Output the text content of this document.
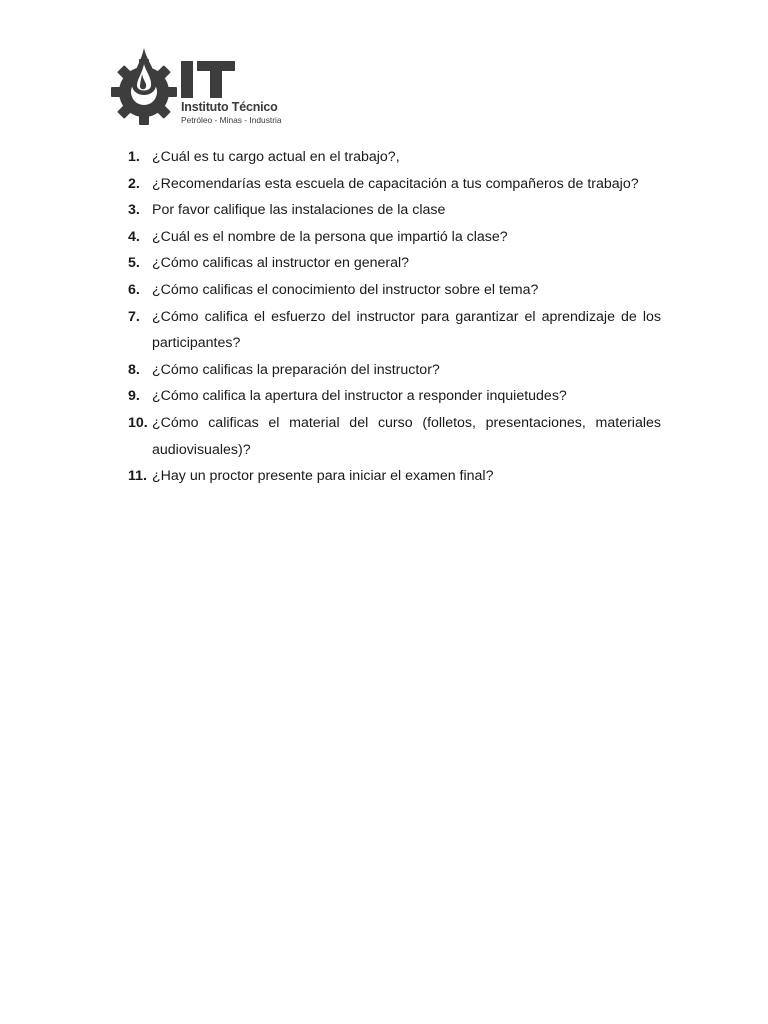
Instituto Técnico
Petróleo - Minas - Industria
1. ¿Cuál es tu cargo actual en el trabajo?,
2. ¿Recomendarías esta escuela de capacitación a tus compañeros de trabajo?
3. Por favor califique las instalaciones de la clase
4. ¿Cuál es el nombre de la persona que impartió la clase?
5. ¿Cómo calificas al instructor en general?
6. ¿Cómo calificas el conocimiento del instructor sobre el tema?
7. ¿Cómo califica el esfuerzo del instructor para garantizar el aprendizaje de los participantes?
8. ¿Cómo calificas la preparación del instructor?
9. ¿Cómo califica la apertura del instructor a responder inquietudes?
10. ¿Cómo calificas el material del curso (folletos, presentaciones, materiales audiovisuales)?
11. ¿Hay un proctor presente para iniciar el examen final?
